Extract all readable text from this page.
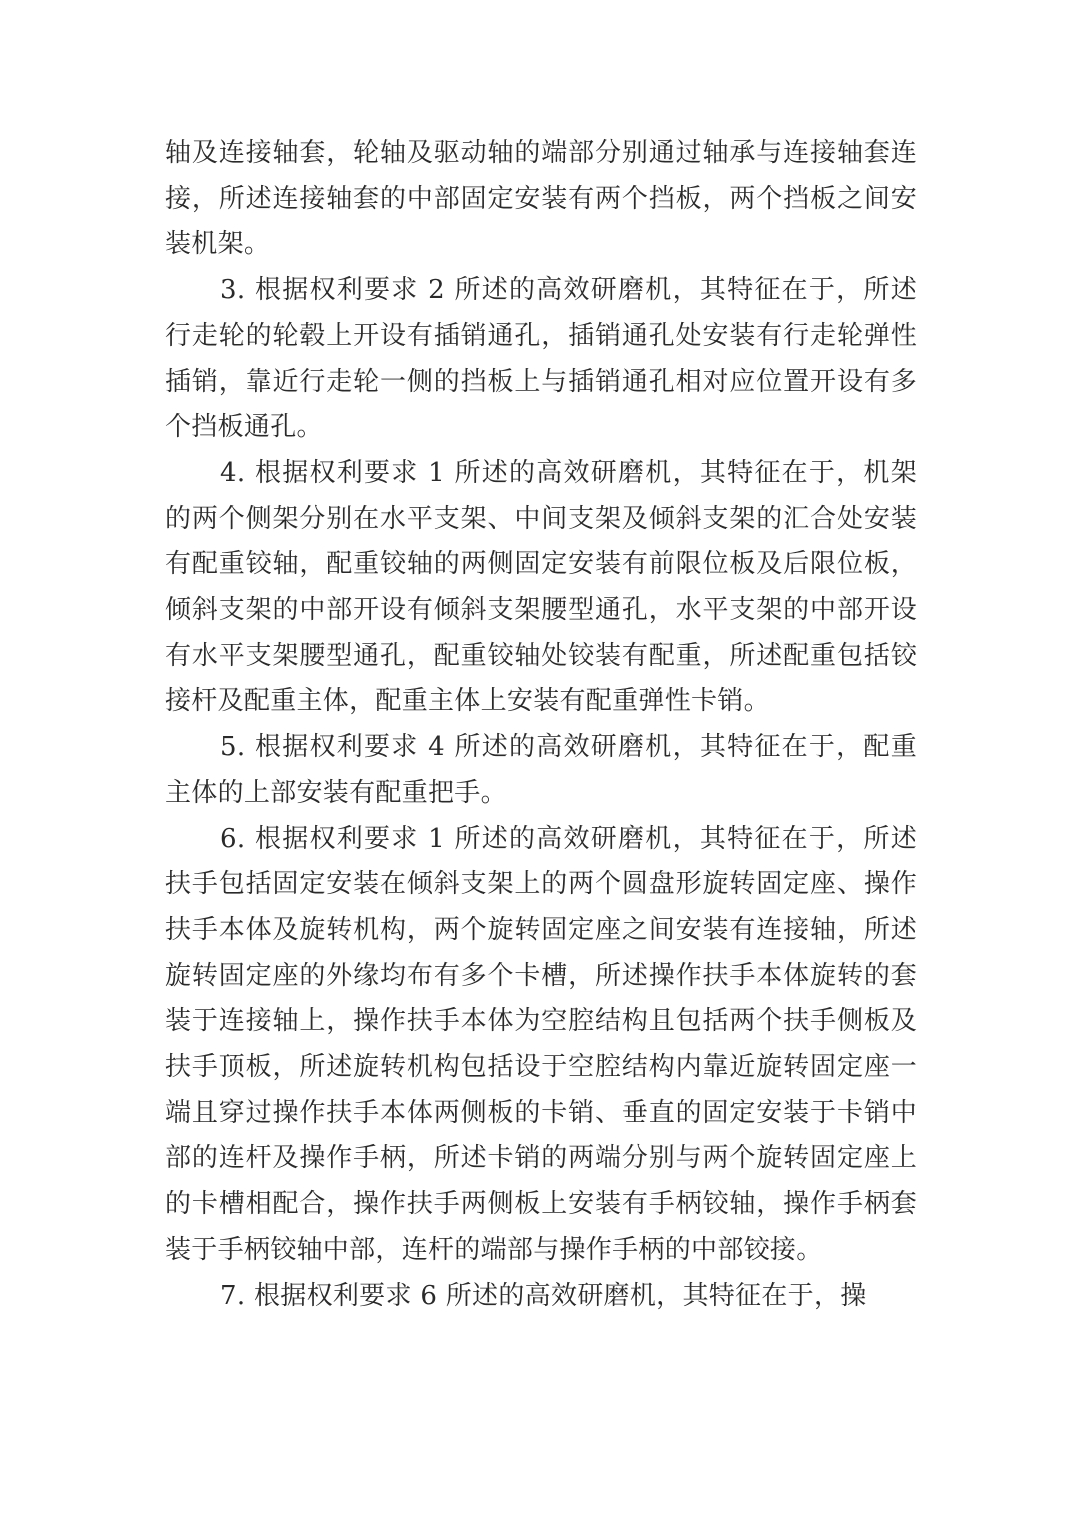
轴及连接轴套，轮轴及驱动轴的端部分别通过轴承与连接轴套连接，所述连接轴套的中部固定安装有两个挡板，两个挡板之间安装机架。

3. 根据权利要求 2 所述的高效研磨机，其特征在于，所述行走轮的轮毂上开设有插销通孔，插销通孔处安装有行走轮弹性插销，靠近行走轮一侧的挡板上与插销通孔相对应位置开设有多个挡板通孔。

4. 根据权利要求 1 所述的高效研磨机，其特征在于，机架的两个侧架分别在水平支架、中间支架及倾斜支架的汇合处安装有配重铰轴，配重铰轴的两侧固定安装有前限位板及后限位板，倾斜支架的中部开设有倾斜支架腰型通孔，水平支架的中部开设有水平支架腰型通孔，配重铰轴处铰装有配重，所述配重包括铰接杆及配重主体，配重主体上安装有配重弹性卡销。

5. 根据权利要求 4 所述的高效研磨机，其特征在于，配重主体的上部安装有配重把手。

6. 根据权利要求 1 所述的高效研磨机，其特征在于，所述扶手包括固定安装在倾斜支架上的两个圆盘形旋转固定座、操作扶手本体及旋转机构，两个旋转固定座之间安装有连接轴，所述旋转固定座的外缘均布有多个卡槽，所述操作扶手本体旋转的套装于连接轴上，操作扶手本体为空腔结构且包括两个扶手侧板及扶手顶板，所述旋转机构包括设于空腔结构内靠近旋转固定座一端且穿过操作扶手本体两侧板的卡销、垂直的固定安装于卡销中部的连杆及操作手柄，所述卡销的两端分别与两个旋转固定座上的卡槽相配合，操作扶手两侧板上安装有手柄铰轴，操作手柄套装于手柄铰轴中部，连杆的端部与操作手柄的中部铰接。

7. 根据权利要求 6 所述的高效研磨机，其特征在于，操
